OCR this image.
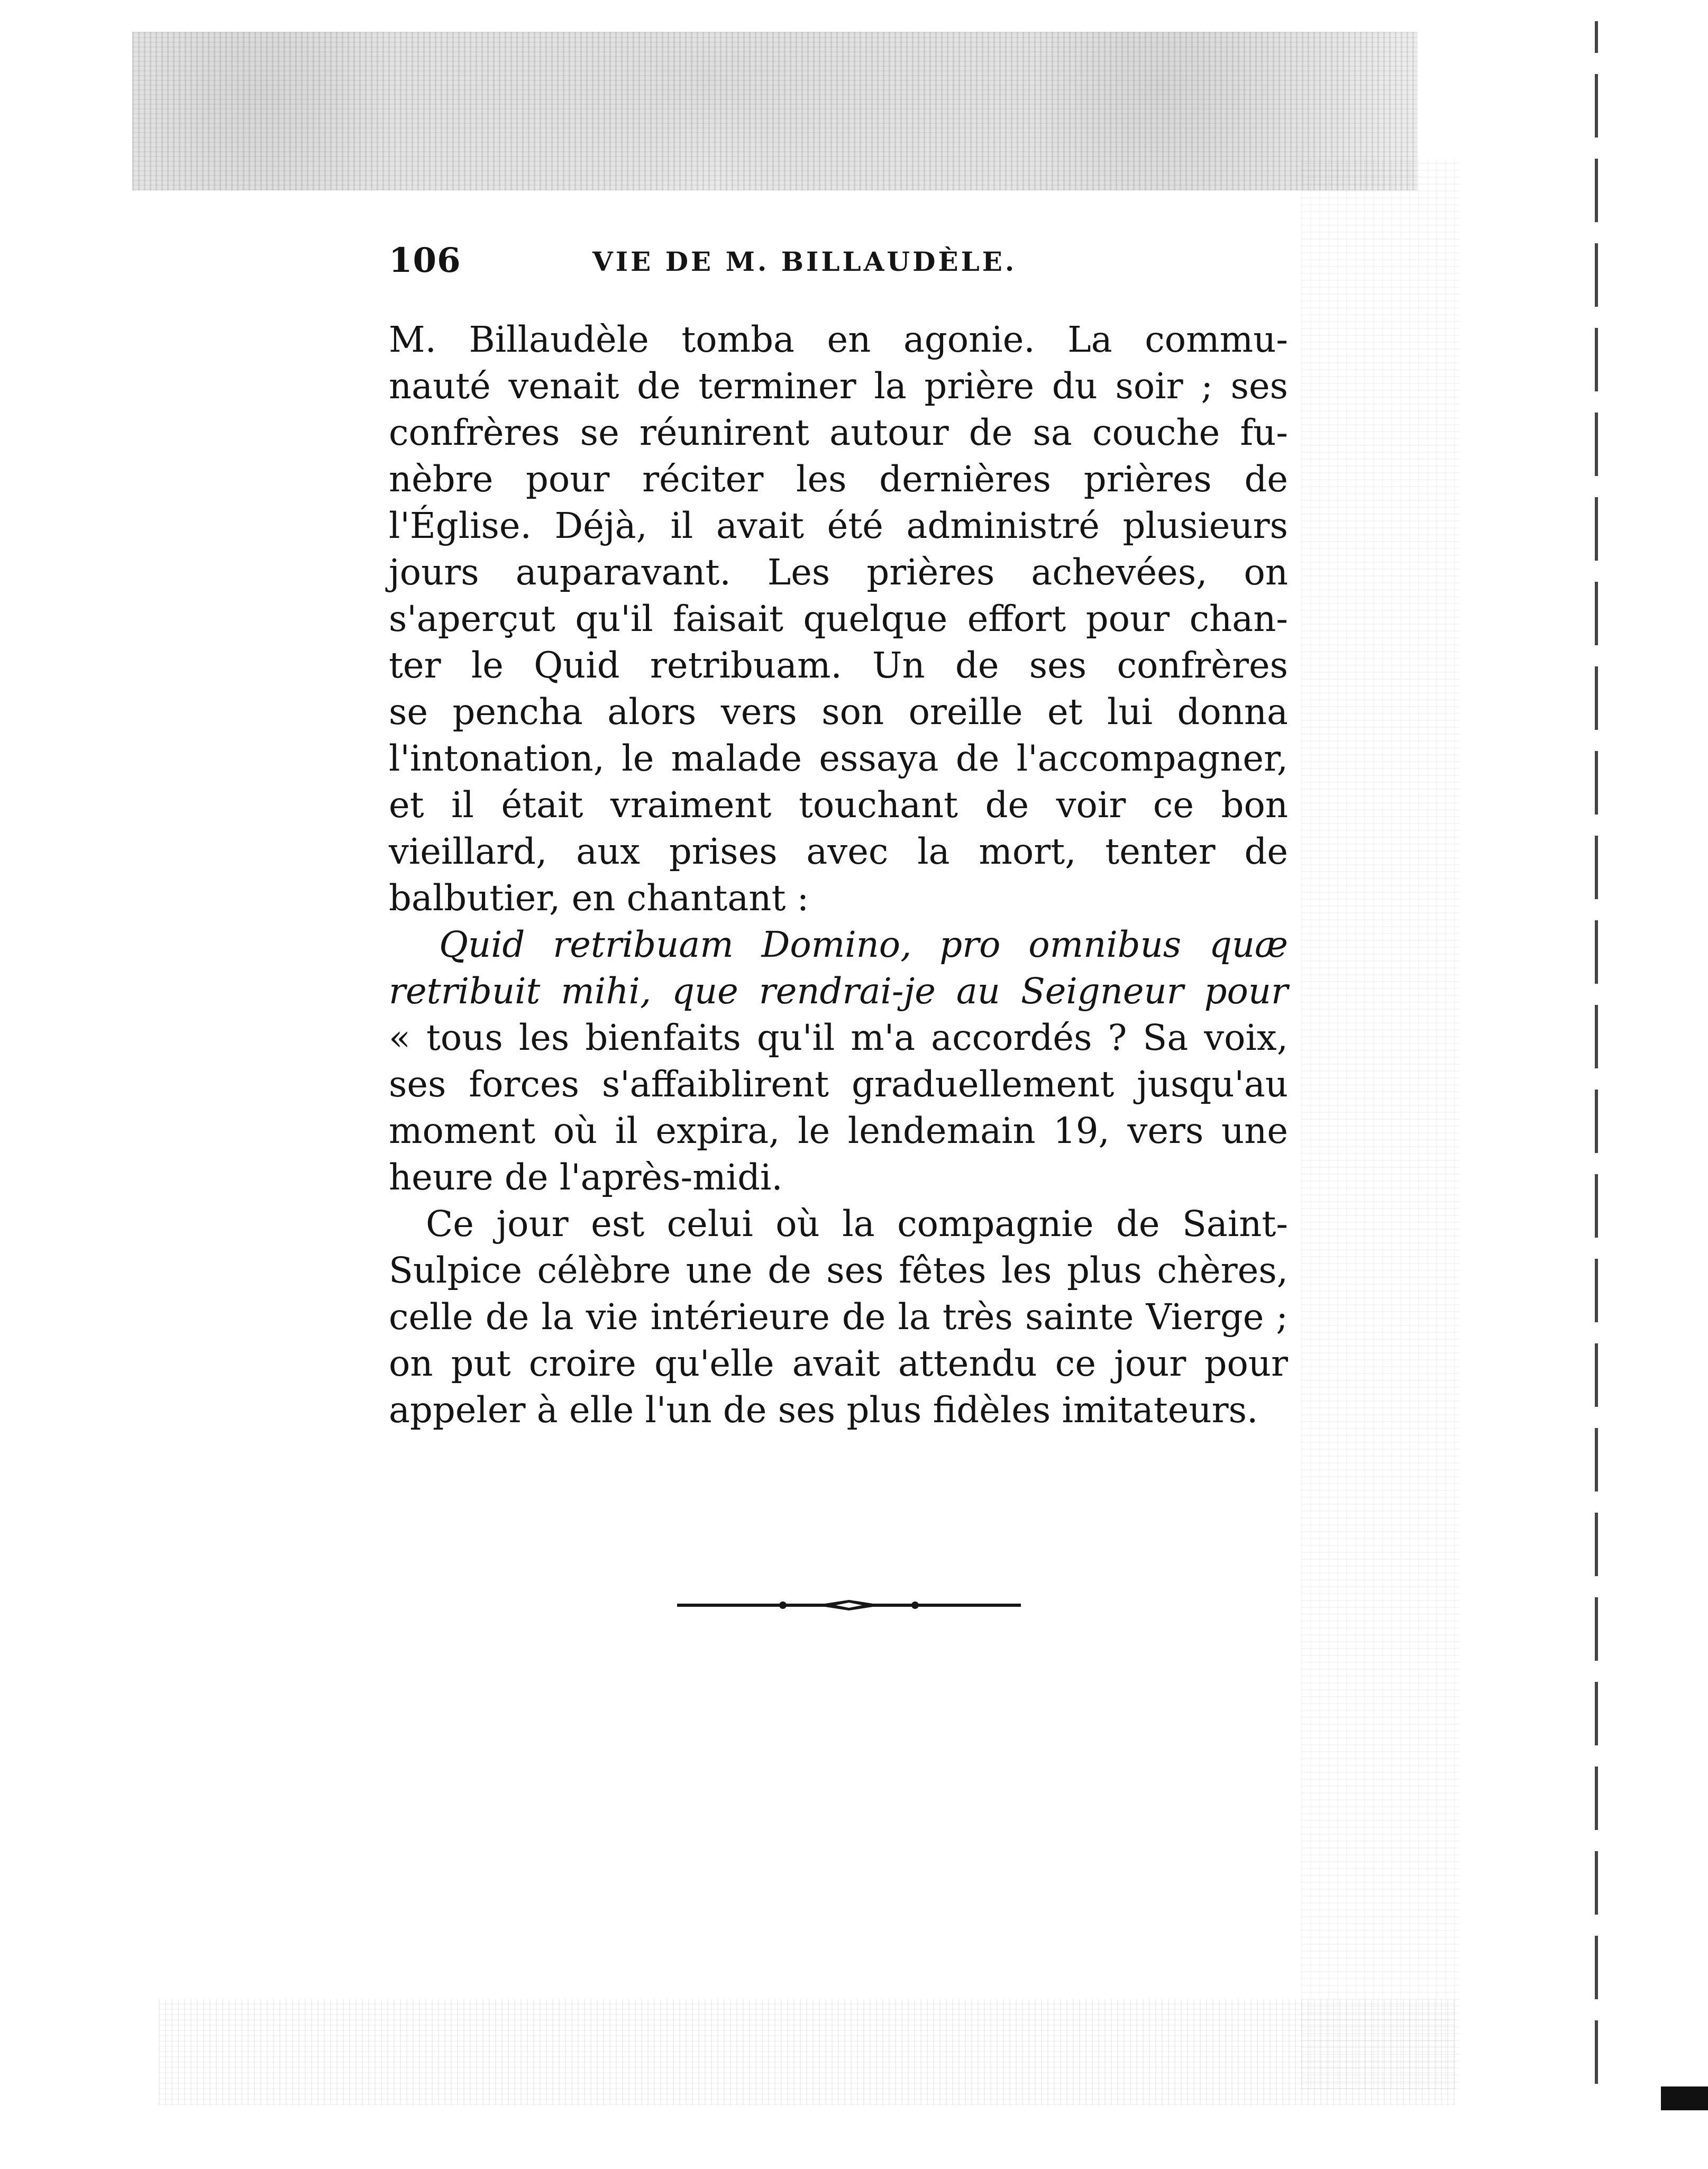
106	VIE DE M. BILLAUDÈLE.
M. Billaudèle tomba en agonie. La commu-
nauté venait de terminer la prière du soir ; ses
confrères se réunirent autour de sa couche fu-
nèbre pour réciter les dernières prières de
l'Église. Déjà, il avait été administré plusieurs
jours auparavant. Les prières achevées, on
s'aperçut qu'il faisait quelque effort pour chan-
ter le Quid retribuam. Un de ses confrères
se pencha alors vers son oreille et lui donna
l'intonation, le malade essaya de l'accompagner,
et il était vraiment touchant de voir ce bon
vieillard, aux prises avec la mort, tenter de
balbutier, en chantant :
Quid retribuam Domino, pro omnibus quæ
retribuit mihi, que rendrai-je au Seigneur pour
« tous les bienfaits qu'il m'a accordés ? Sa voix,
ses forces s'affaiblirent graduellement jusqu'au
moment où il expira, le lendemain 19, vers une
heure de l'après-midi.
Ce jour est celui où la compagnie de Saint-
Sulpice célèbre une de ses fêtes les plus chères,
celle de la vie intérieure de la très sainte Vierge ;
on put croire qu'elle avait attendu ce jour pour
appeler à elle l'un de ses plus fidèles imitateurs.
